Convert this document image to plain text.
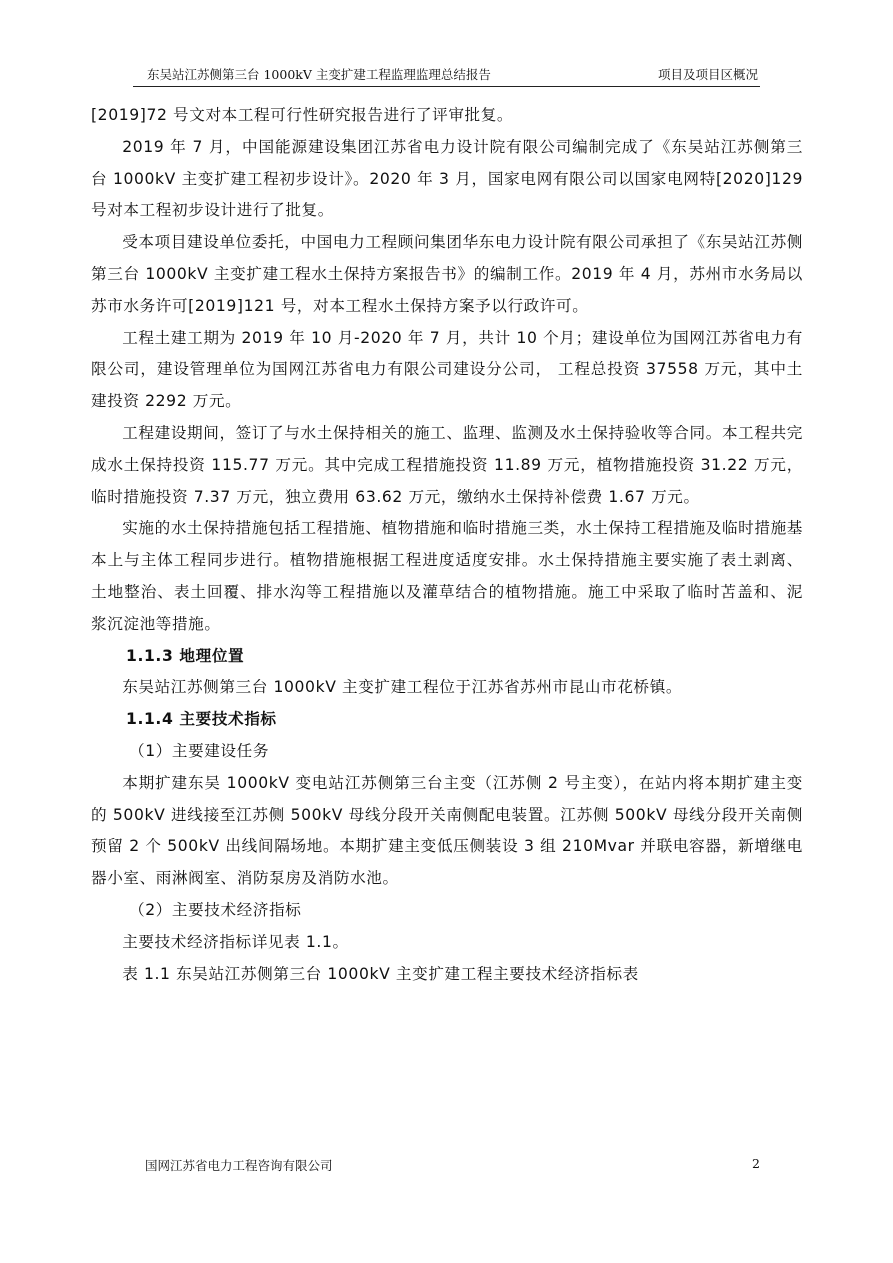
东吴站江苏侧第三台 1000kV 主变扩建工程监理监理总结报告	项目及项目区概况

[2019]72 号文对本工程可行性研究报告进行了评审批复。

2019 年 7 月，中国能源建设集团江苏省电力设计院有限公司编制完成了《东吴站江苏侧第三台 1000kV 主变扩建工程初步设计》。2020 年 3 月，国家电网有限公司以国家电网特[2020]129 号对本工程初步设计进行了批复。

受本项目建设单位委托，中国电力工程顾问集团华东电力设计院有限公司承担了《东吴站江苏侧第三台 1000kV 主变扩建工程水土保持方案报告书》的编制工作。2019 年 4 月，苏州市水务局以苏市水务许可[2019]121 号，对本工程水土保持方案予以行政许可。

工程土建工期为 2019 年 10 月-2020 年 7 月，共计 10 个月；建设单位为国网江苏省电力有限公司，建设管理单位为国网江苏省电力有限公司建设分公司， 工程总投资 37558 万元，其中土建投资 2292 万元。

工程建设期间，签订了与水土保持相关的施工、监理、监测及水土保持验收等合同。本工程共完成水土保持投资 115.77 万元。其中完成工程措施投资 11.89 万元，植物措施投资 31.22 万元，临时措施投资 7.37 万元，独立费用 63.62 万元，缴纳水土保持补偿费 1.67 万元。

实施的水土保持措施包括工程措施、植物措施和临时措施三类，水土保持工程措施及临时措施基本上与主体工程同步进行。植物措施根据工程进度适度安排。水土保持措施主要实施了表土剥离、土地整治、表土回覆、排水沟等工程措施以及灌草结合的植物措施。施工中采取了临时苫盖和、泥浆沉淀池等措施。

1.1.3 地理位置

东吴站江苏侧第三台 1000kV 主变扩建工程位于江苏省苏州市昆山市花桥镇。

1.1.4 主要技术指标

（1）主要建设任务

本期扩建东吴 1000kV 变电站江苏侧第三台主变（江苏侧 2 号主变），在站内将本期扩建主变的 500kV 进线接至江苏侧 500kV 母线分段开关南侧配电装置。江苏侧 500kV 母线分段开关南侧预留 2 个 500kV 出线间隔场地。本期扩建主变低压侧装设 3 组 210Mvar 并联电容器，新增继电器小室、雨淋阀室、消防泵房及消防水池。

（2）主要技术经济指标

主要技术经济指标详见表 1.1。

表 1.1 东吴站江苏侧第三台 1000kV 主变扩建工程主要技术经济指标表

国网江苏省电力工程咨询有限公司	2
